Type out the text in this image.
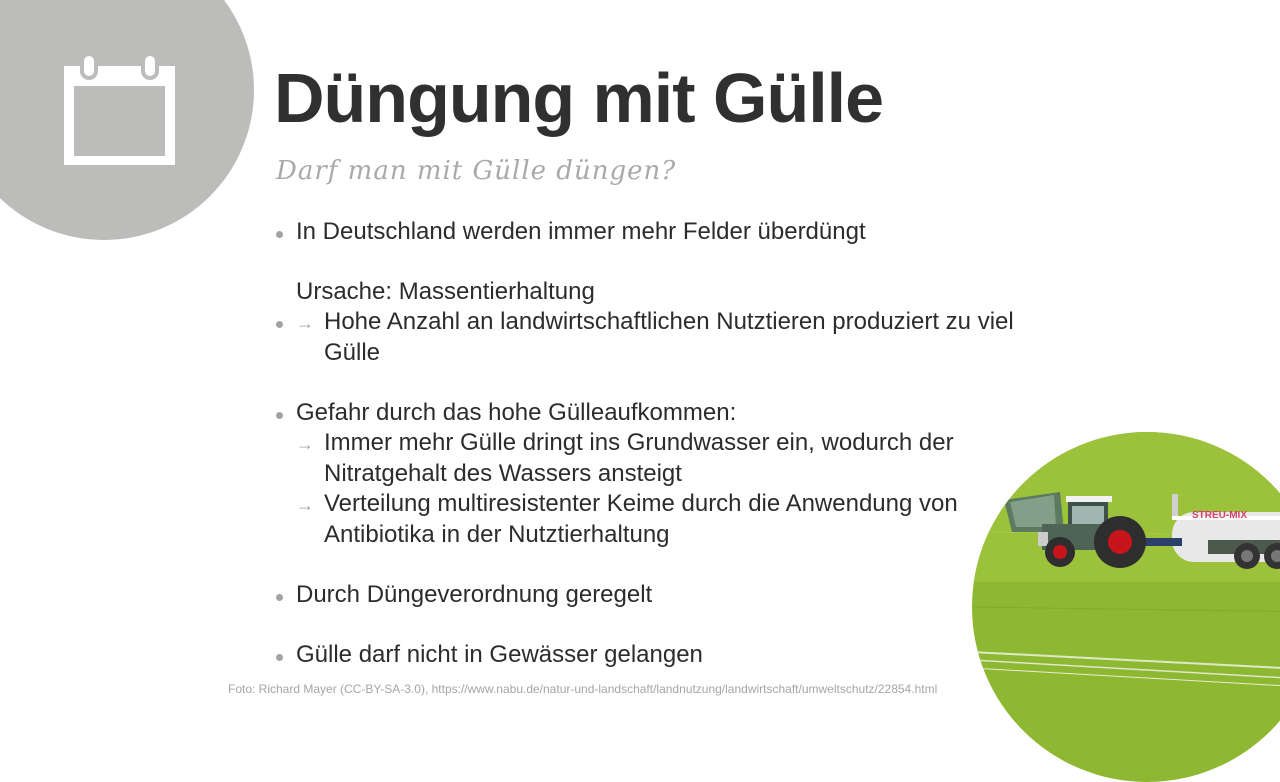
Düngung mit Gülle
Darf man mit Gülle düngen?
In Deutschland werden immer mehr Felder überdüngt
Ursache: Massentierhaltung
→ Hohe Anzahl an landwirtschaftlichen Nutztieren produziert zu viel Gülle
Gefahr durch das hohe Gülleaufkommen:
→ Immer mehr Gülle dringt ins Grundwasser ein, wodurch der Nitratgehalt des Wassers ansteigt
→ Verteilung multiresistenter Keime durch die Anwendung von Antibiotika in der Nutztierhaltung
Durch Düngeverordnung geregelt
Gülle darf nicht in Gewässer gelangen
STREU-MIX
Foto: Richard Mayer (CC-BY-SA-3.0), https://www.nabu.de/natur-und-landschaft/landnutzung/landwirtschaft/umweltschutz/22854.html
